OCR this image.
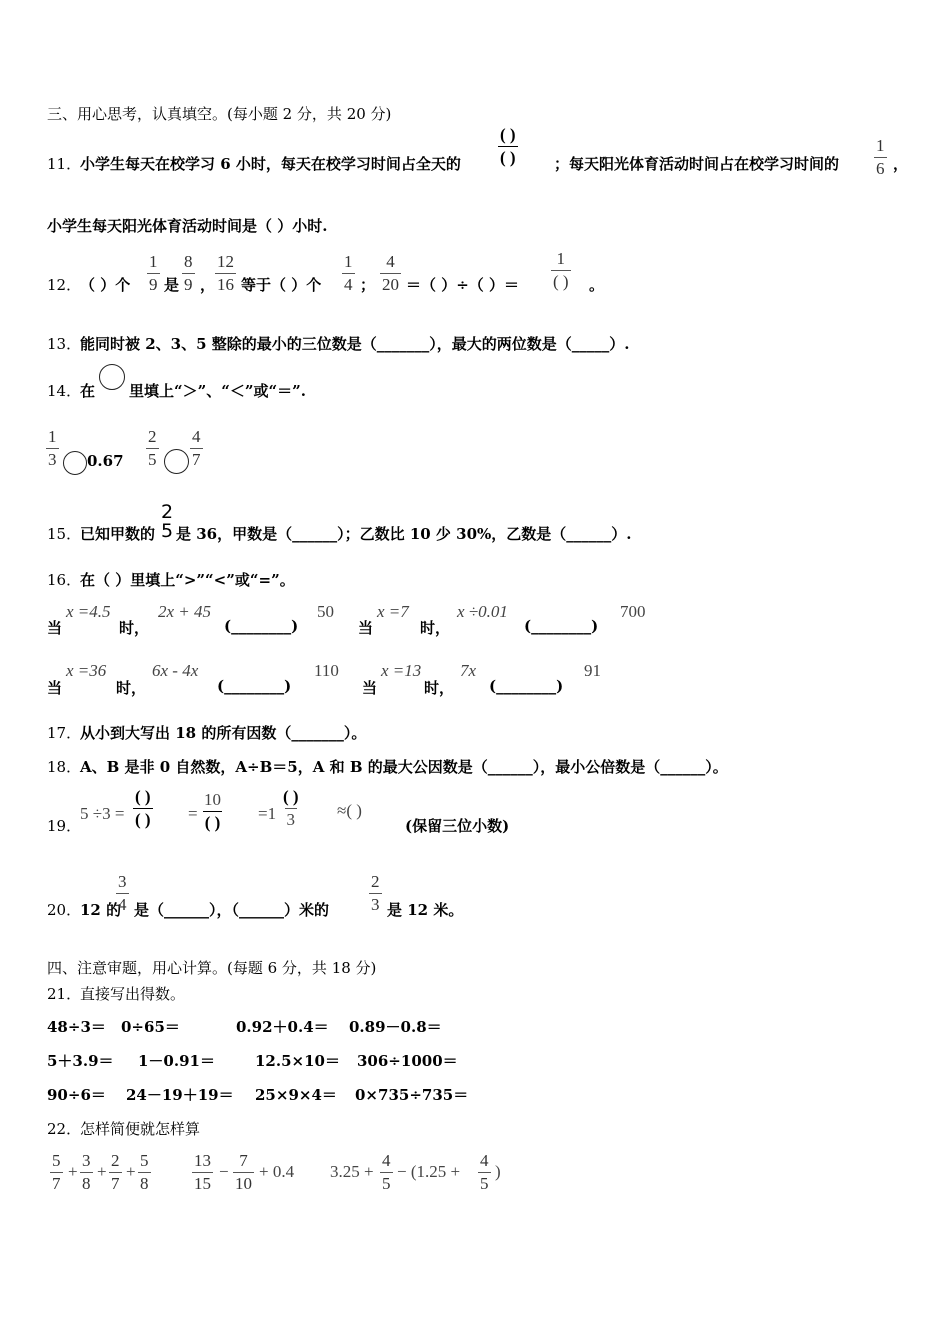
三、用心思考，认真填空。(每小题 2 分，共 20 分)
11．
小学生每天在校学习 6 小时，每天在校学习时间占全天的
( )
( )	；每天阳光体育活动时间占在校学习时间的 $\frac{1}{6}$ ，
小学生每天阳光体育活动时间是（ ）小时.
12．
（ ）个 $\frac{1}{9}$ 是 $\frac{8}{9}$ ， $\frac{12}{16}$ 等于（ ）个 $\frac{1}{4}$ ； $\frac{4}{20}$ ＝（ ）÷（ ）＝
1
( ) 。
13．
能同时被 2、3、5 整除的最小的三位数是（_______），最大的两位数是（_____）.
14．
在 里填上“＞”、“＜”或“＝”.
$\frac{1}{3} 0.67 \frac{2}{5} \frac{4}{7}$
15．
已知甲数的
2
5 是 36，甲数是（______）；乙数比 10 少 30%，乙数是（______）.
16．
在（ ）里填上“>”“<”或“=”。
当
x =4.5
时，
2x + 45
(________)
50
当
x =7
时，
x ÷0.01
(________)
700
当
x =36
时，
6x - 4x
(________)
110
当
x =13
时，
7x
(________)
91
17．
从小到大写出 18 的所有因数（_______）。
18．
A、B 是非 0 自然数，A÷B＝5，A 和 B 的最大公因数是（______），最小公倍数是（______）。
19．
5 ÷3 =
( )
( ) =
10
( ) =1
( )
3 ≈( )
(保留三位小数)
20．
12 的
$\frac{3}{4}$ 是（______），（______）米的 $\frac{2}{3}$ 是 12 米。
四、注意审题，用心计算。(每题 6 分，共 18 分)
21．
直接写出得数。
48÷3＝ 0÷65＝	0.92＋0.4＝ 0.89－0.8＝
5＋3.9＝ 1－0.91＝	12.5×10＝ 306÷1000＝
90÷6＝ 24－19＋19＝ 25×9×4＝ 0×735÷735＝
22．
怎样简便就怎样算
$\frac{5}{7} + \frac{3}{8} + \frac{2}{7} + \frac{5}{8} \frac{13}{15} - \frac{7}{10} + 0.4$ $3.25 + \frac{4}{5} - (1.25 + \frac{4}{5}$ )
